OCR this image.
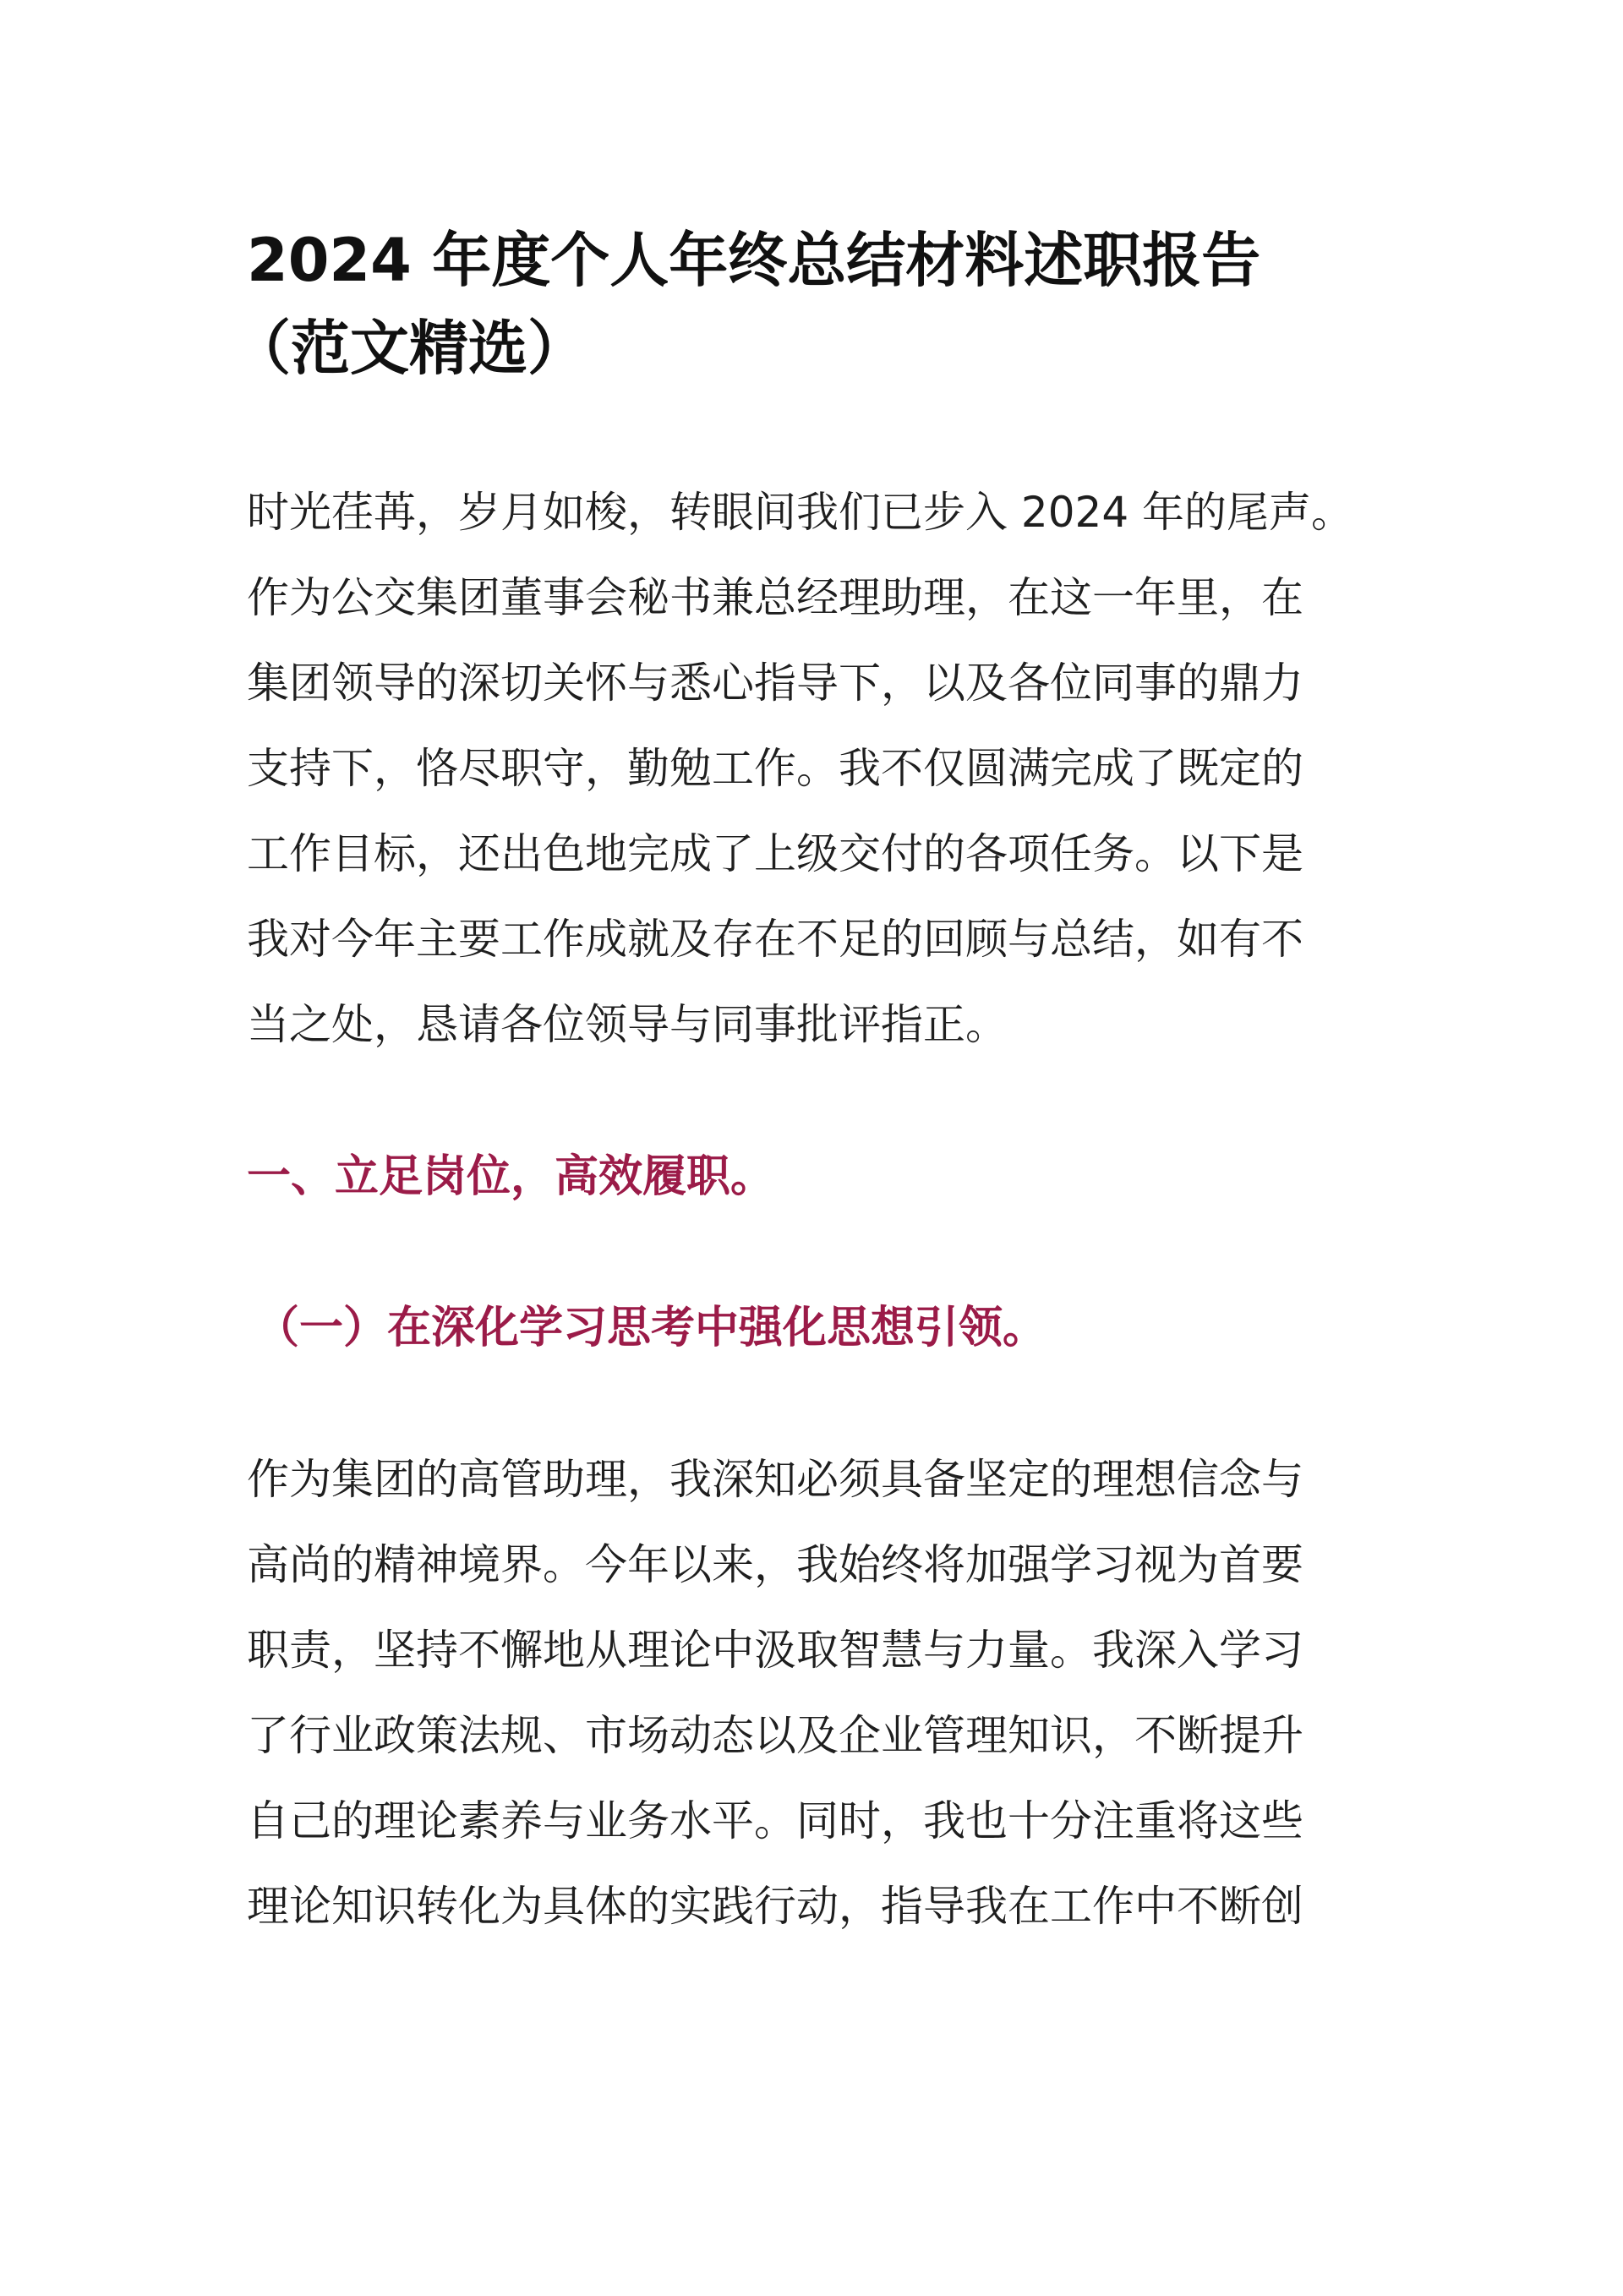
2024 年度个人年终总结材料述职报告
（范文精选）
时光荏苒，岁月如梭，转眼间我们已步入 2024 年的尾声。
作为公交集团董事会秘书兼总经理助理，在这一年里，在
集团领导的深切关怀与悉心指导下，以及各位同事的鼎力
支持下，恪尽职守，勤勉工作。我不仅圆满完成了既定的
工作目标，还出色地完成了上级交付的各项任务。以下是
我对今年主要工作成就及存在不足的回顾与总结，如有不
当之处，恳请各位领导与同事批评指正。
一、立足岗位，高效履职。
（一）在深化学习思考中强化思想引领。
作为集团的高管助理，我深知必须具备坚定的理想信念与
高尚的精神境界。今年以来，我始终将加强学习视为首要
职责，坚持不懈地从理论中汲取智慧与力量。我深入学习
了行业政策法规、市场动态以及企业管理知识，不断提升
自己的理论素养与业务水平。同时，我也十分注重将这些
理论知识转化为具体的实践行动，指导我在工作中不断创
